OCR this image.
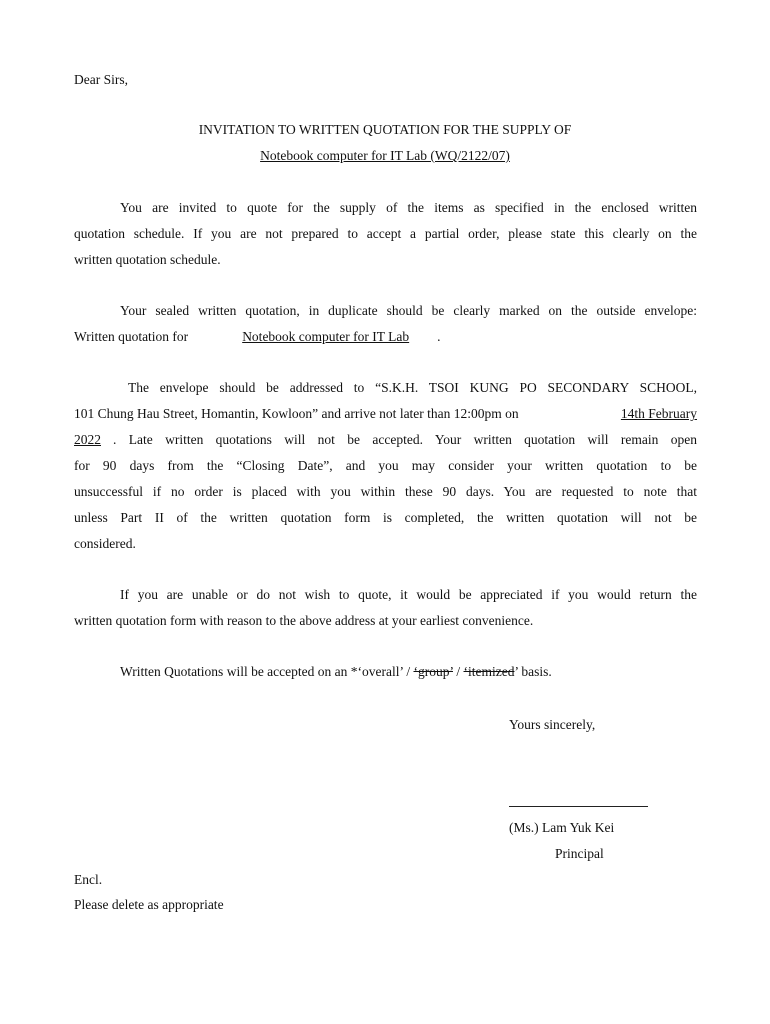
Dear Sirs,
INVITATION TO WRITTEN QUOTATION FOR THE SUPPLY OF
Notebook computer for IT Lab (WQ/2122/07)
You are invited to quote for the supply of the items as specified in the enclosed written
quotation schedule. If you are not prepared to accept a partial order, please state this clearly on the
written quotation schedule.
Your sealed written quotation, in duplicate should be clearly marked on the outside envelope:
Written quotation for	Notebook computer for IT Lab .
The envelope should be addressed to “S.K.H. TSOI KUNG PO SECONDARY SCHOOL,
101 Chung Hau Street, Homantin, Kowloon” and arrive not later than 12:00pm on	14th February
2022 . Late written quotations will not be accepted. Your written quotation will remain open
for 90 days from the “Closing Date”, and you may consider your written quotation to be
unsuccessful if no order is placed with you within these 90 days. You are requested to note that
unless Part II of the written quotation form is completed, the written quotation will not be
considered.
If you are unable or do not wish to quote, it would be appreciated if you would return the
written quotation form with reason to the above address at your earliest convenience.
Written Quotations will be accepted on an *‘overall’ / ‘group’ / ‘itemized’ basis.
Yours sincerely,
(Ms.) Lam Yuk Kei
Principal
Encl.
Please delete as appropriate
